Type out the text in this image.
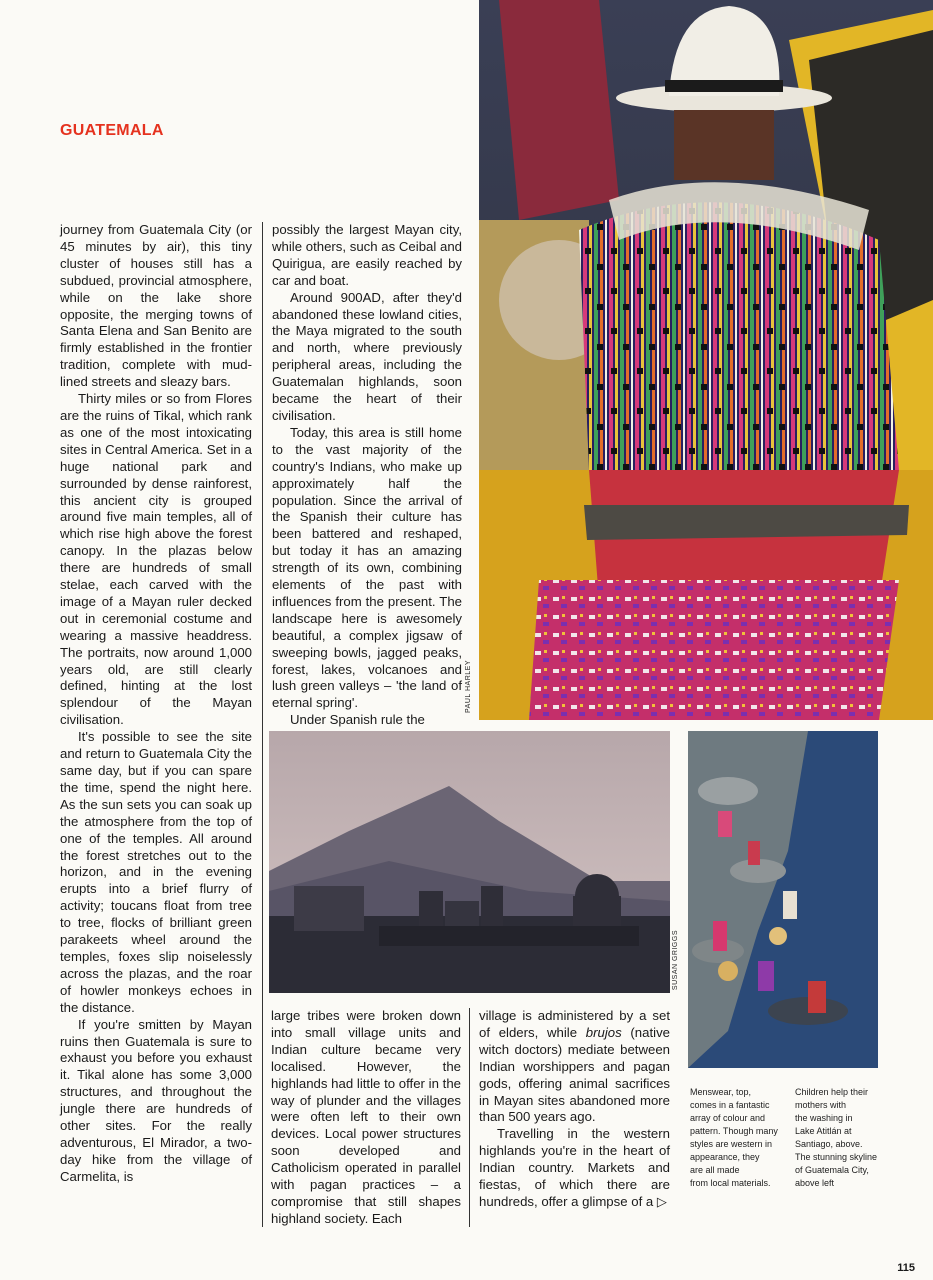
GUATEMALA
PAUL HARLEY

journey from Guatemala City (or 45 minutes by air), this tiny cluster of houses still has a subdued, provincial atmosphere, while on the lake shore opposite, the merging towns of Santa Elena and San Benito are firmly established in the frontier tradition, complete with mud-lined streets and sleazy bars.

Thirty miles or so from Flores are the ruins of Tikal, which rank as one of the most intoxicating sites in Central America. Set in a huge national park and surrounded by dense rainforest, this ancient city is grouped around five main temples, all of which rise high above the forest canopy. In the plazas below there are hundreds of small stelae, each carved with the image of a Mayan ruler decked out in ceremonial costume and wearing a massive headdress. The portraits, now around 1,000 years old, are still clearly defined, hinting at the lost splendour of the Mayan civilisation.

It's possible to see the site and return to Guatemala City the same day, but if you can spare the time, spend the night here. As the sun sets you can soak up the atmosphere from the top of one of the temples. All around the forest stretches out to the horizon, and in the evening erupts into a brief flurry of activity; toucans float from tree to tree, flocks of brilliant green parakeets wheel around the temples, foxes slip noiselessly across the plazas, and the roar of howler monkeys echoes in the distance.

If you're smitten by Mayan ruins then Guatemala is sure to exhaust you before you exhaust it. Tikal alone has some 3,000 structures, and throughout the jungle there are hundreds of other sites. For the really adventurous, El Mirador, a two-day hike from the village of Carmelita, is

possibly the largest Mayan city, while others, such as Ceibal and Quirigua, are easily reached by car and boat.

Around 900AD, after they'd abandoned these lowland cities, the Maya migrated to the south and north, where previously peripheral areas, including the Guatemalan highlands, soon became the heart of their civilisation.

Today, this area is still home to the vast majority of the country's Indians, who make up approximately half the population. Since the arrival of the Spanish their culture has been battered and reshaped, but today it has an amazing strength of its own, combining elements of the past with influences from the present. The landscape here is awesomely beautiful, a complex jigsaw of sweeping bowls, jagged peaks, forest, lakes, volcanoes and lush green valleys – 'the land of eternal spring'.

Under Spanish rule the

SUSAN GRIGGS

large tribes were broken down into small village units and Indian culture became very localised. However, the highlands had little to offer in the way of plunder and the villages were often left to their own devices. Local power structures soon developed and Catholicism operated in parallel with pagan practices – a compromise that still shapes highland society. Each

village is administered by a set of elders, while brujos (native witch doctors) mediate between Indian worshippers and pagan gods, offering animal sacrifices in Mayan sites abandoned more than 500 years ago.

Travelling in the western highlands you're in the heart of Indian country. Markets and fiestas, of which there are hundreds, offer a glimpse of a ▷

Menswear, top,
comes in a fantastic
array of colour and
pattern. Though many
styles are western in
appearance, they
are all made
from local materials.
Children help their
mothers with
the washing in
Lake Atitlán at
Santiago, above.
The stunning skyline
of Guatemala City,
above left
115
